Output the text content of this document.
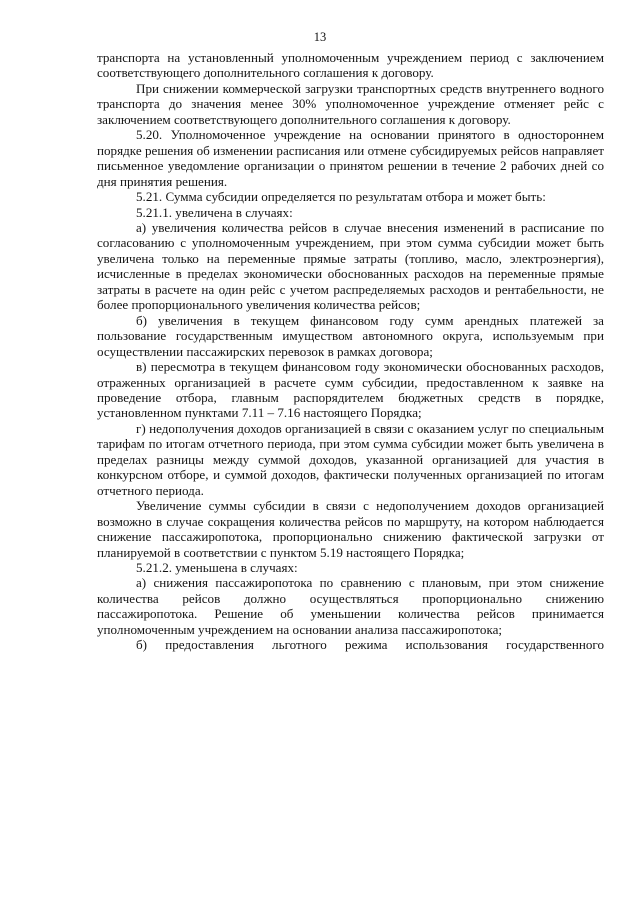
13

транспорта на установленный уполномоченным учреждением период с заключением соответствующего дополнительного соглашения к договору.

При снижении коммерческой загрузки транспортных средств внутреннего водного транспорта до значения менее 30% уполномоченное учреждение отменяет рейс с заключением соответствующего дополнительного соглашения к договору.

5.20. Уполномоченное учреждение на основании принятого в одностороннем порядке решения об изменении расписания или отмене субсидируемых рейсов направляет письменное уведомление организации о принятом решении в течение 2 рабочих дней со дня принятия решения.

5.21. Сумма субсидии определяется по результатам отбора и может быть:

5.21.1. увеличена в случаях:

а) увеличения количества рейсов в случае внесения изменений в расписание по согласованию с уполномоченным учреждением, при этом сумма субсидии может быть увеличена только на переменные прямые затраты (топливо, масло, электроэнергия), исчисленные в пределах экономически обоснованных расходов на переменные прямые затраты в расчете на один рейс с учетом распределяемых расходов и рентабельности, не более пропорционального увеличения количества рейсов;

б) увеличения в текущем финансовом году сумм арендных платежей за пользование государственным имуществом автономного округа, используемым при осуществлении пассажирских перевозок в рамках договора;

в) пересмотра в текущем финансовом году экономически обоснованных расходов, отраженных организацией в расчете сумм субсидии, предоставленном к заявке на проведение отбора, главным распорядителем бюджетных средств в порядке, установленном пунктами 7.11 – 7.16 настоящего Порядка;

г) недополучения доходов организацией в связи с оказанием услуг по специальным тарифам по итогам отчетного периода, при этом сумма субсидии может быть увеличена в пределах разницы между суммой доходов, указанной организацией для участия в конкурсном отборе, и суммой доходов, фактически полученных организацией по итогам отчетного периода.

Увеличение суммы субсидии в связи с недополучением доходов организацией возможно в случае сокращения количества рейсов по маршруту, на котором наблюдается снижение пассажиропотока, пропорционально снижению фактической загрузки от планируемой в соответствии с пунктом 5.19 настоящего Порядка;

5.21.2. уменьшена в случаях:

а) снижения пассажиропотока по сравнению с плановым, при этом снижение количества рейсов должно осуществляться пропорционально снижению пассажиропотока. Решение об уменьшении количества рейсов принимается уполномоченным учреждением на основании анализа пассажиропотока;

б) предоставления льготного режима использования государственного
